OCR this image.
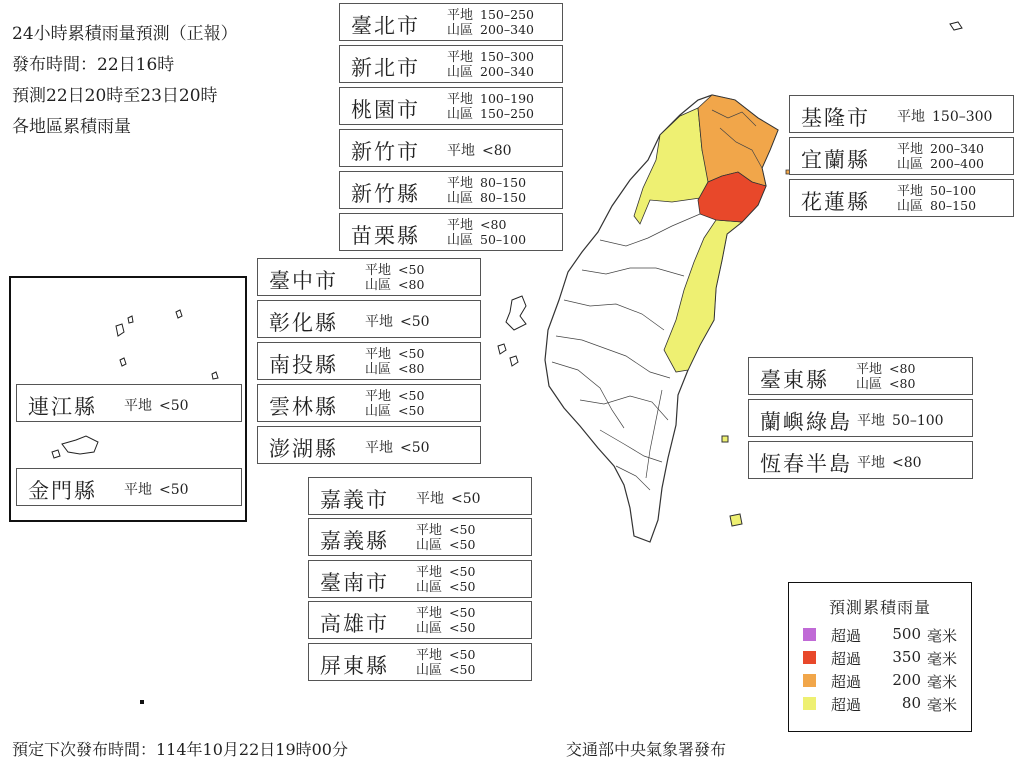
24小時累積雨量預測（正報）
發布時間：22日16時
預測22日20時至23日20時
各地區累積雨量
臺北市 平地 150–250
山區 200–340
新北市 平地 150–300
山區 200–340
桃園市 平地 100–190
山區 150–250
新竹市 平地 <80
新竹縣 平地 80–150
山區 80–150
苗栗縣 平地 <80
山區 50–100
臺中市 平地 <50
山區 <80
彰化縣 平地 <50
南投縣 平地 <50
山區 <80
雲林縣 平地 <50
山區 <50
澎湖縣 平地 <50
嘉義市 平地 <50
嘉義縣 平地 <50
山區 <50
臺南市 平地 <50
山區 <50
高雄市 平地 <50
山區 <50
屏東縣 平地 <50
山區 <50
基隆市 平地 150–300
宜蘭縣 平地 200–340
山區 200–400
花蓮縣 平地 50–100
山區 80–150
臺東縣 平地 <80
山區 <80
蘭嶼綠島 平地 50–100
恆春半島 平地 <80
連江縣 平地 <50
金門縣 平地 <50
預測累積雨量
超過	500 毫米
超過	350 毫米
超過	200 毫米
超過	80 毫米
預定下次發布時間：114年10月22日19時00分	交通部中央氣象署發布
